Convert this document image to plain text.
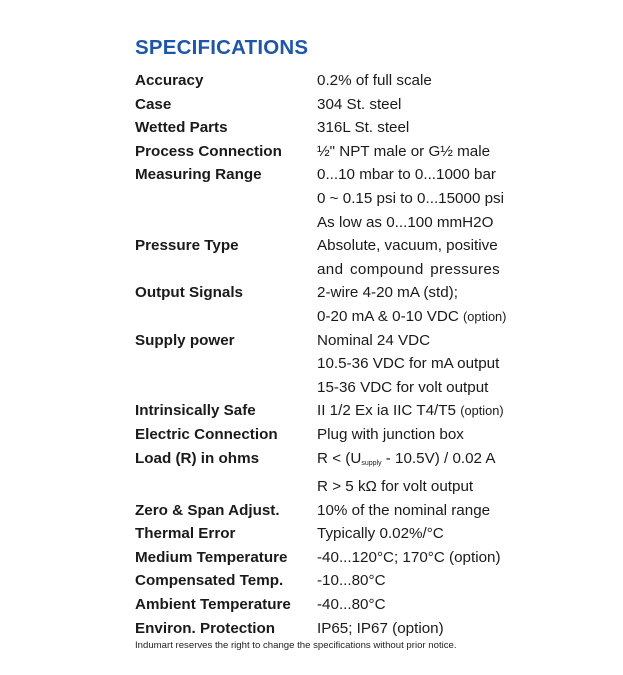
SPECIFICATIONS
Accuracy	0.2% of full scale
Case	304 St. steel
Wetted Parts	316L St. steel
Process Connection	½" NPT male or G½ male
Measuring Range	0...10 mbar to 0...1000 bar
0 ~ 0.15 psi to 0...15000 psi
As low as 0...100 mmH2O
Pressure Type	Absolute, vacuum, positive
and compound pressures
Output Signals	2-wire 4-20 mA (std);
0-20 mA & 0-10 VDC (option)
Supply power	Nominal 24 VDC
10.5-36 VDC for mA output
15-36 VDC for volt output
Intrinsically Safe	II 1/2 Ex ia IIC T4/T5 (option)
Electric Connection	Plug with junction box
Load (R) in ohms	$R < (U_{supply} - 10.5V) / 0.02$ A
R > 5 kΩ for volt output
Zero & Span Adjust.	10% of the nominal range
Thermal Error	Typically 0.02%/°C
Medium Temperature	-40...120°C; 170°C (option)
Compensated Temp.	-10...80°C
Ambient Temperature	-40...80°C
Environ. Protection	IP65; IP67 (option)
Indumart reserves the right to change the specifications without prior notice.
